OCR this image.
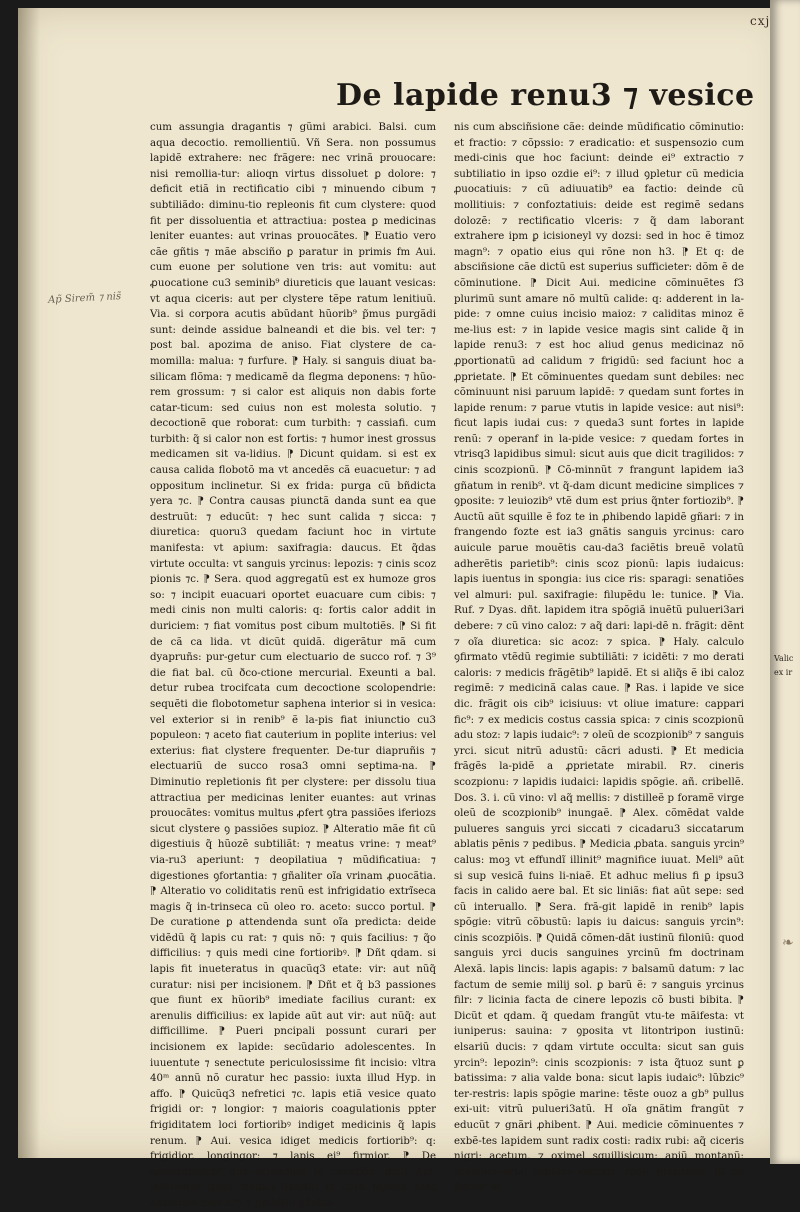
cxj
De lapide renu3 ⁊ vesice
Ap̃ Sirem̃ ⁊ nis̃

cum assungia dragantis ⁊ gũmi arabici. Balsi. cum aqua decoctio. remollientiũ. Vñ Sera. non possumus lapidẽ extrahere: nec frãgere: nec vrinã prouocare: nisi remollia-tur: alioqn virtus dissoluet ꝑ dolore: ⁊ deficit etiã in rectificatio cibi ⁊ minuendo cibum ⁊ subtiliãdo: diminu-tio repleonis fit cum clystere: quod fit per dissoluentia et attractiua: postea ꝑ medicinas leniter euantes: aut vrinas prouocãtes. ⁋ Euatio vero cãe gñtis ⁊ mãe absciño ꝑ paratur in primis fm Aui. cum euone per solutione ven tris: aut vomitu: aut ꝓuocatione cu3 seminib⁹ diureticis que lauant vesicas: vt aqua ciceris: aut per clystere tẽpe ratum lenitiuũ. Via. si corpora acutis abũdant hũorib⁹ p̃mus purgãdi sunt: deinde assidue balneandi et die bis. vel ter: ⁊ post bal. apozima de aniso. Fiat clystere de ca-momilla: malua: ⁊ furfure. ⁋ Haly. si sanguis diuat ba-silicam flõma: ⁊ medicamẽ da flegma deponens: ⁊ hũo-rem grossum: ⁊ si calor est aliquis non dabis forte catar-ticum: sed cuius non est molesta solutio. ⁊ decoctionẽ que roborat: cum turbith: ⁊ cassiafi. cum turbith: q̃ si calor non est fortis: ⁊ humor inest grossus medicamen sit va-lidius. ⁋ Dicunt quidam. si est ex causa calida flobotõ ma vt ancedẽs cã euacuetur: ⁊ ad oppositum inclinetur. Si ex frida: purga cũ bñdicta yera ⁊c. ⁋ Contra causas piunctã danda sunt ea que destruũt: ⁊ educũt: ⁊ hec sunt calida ⁊ sicca: ⁊ diuretica: quoru3 quedam faciunt hoc in virtute manifesta: vt apium: saxifragia: daucus. Et q̃das virtute occulta: vt sanguis yrcinus: lepozis: ⁊ cinis scoz pionis ⁊c. ⁋ Sera. quod aggregatũ est ex humoze gros so: ⁊ incipit euacuari oportet euacuare cum cibis: ⁊ medi cinis non multi caloris: q: fortis calor addit in duriciem: ⁊ fiat vomitus post cibum multotiẽs. ⁋ Si fit de cã ca lida. vt dicũt quidã. digerãtur mã cum dyapruñs: pur-getur cum electuario de succo rof. ⁊ 3⁹ die fiat bal. cũ ðco-ctione mercurial. Exeunti a bal. detur rubea trocifcata cum decoctione scolopendrie: sequẽti die flobotometur saphena interior si in vesica: vel exterior si in renib⁹ ẽ la-pis fiat iniunctio cu3 populeon: ⁊ aceto fiat cauterium in poplite interius: vel exterius: fiat clystere frequenter. De-tur diapruñis ⁊ electuariũ de succo rosa3 omni septima-na. ⁋ Diminutio repletionis fit per clystere: per dissolu tiua attractiua per medicinas leniter euantes: aut vrinas prouocãtes: vomitus multus ꝓfert ꝯtra passiões iferiozs sicut clystere ꝯ passiões supioz. ⁋ Alteratio mãe fit cũ digestiuis q̃ hũozẽ subtiliãt: ⁊ meatus vrine: ⁊ meat⁹ via-ru3 aperiunt: ⁊ deopilatiua ⁊ mũdificatiua: ⁊ digestiones ꝯfortantia: ⁊ gñaliter oĩa vrinam ꝓuocãtia. ⁋ Alteratio vo coliditatis renũ est infrigidatio extrĩseca magis q̃ in-trinseca cũ oleo ro. aceto: succo portul. ⁋ De curatione ꝑ attendenda sunt oĩa predicta: deide vidẽdũ q̃ lapis cu rat: ⁊ quis nõ: ⁊ quis facilius: ⁊ q̃o difficilius: ⁊ quis medi cine fortioribꝰ. ⁋ Dñt qdam. si lapis fit inueteratus in quacũq3 etate: vir: aut nũq̃ curatur: nisi per incisionem. ⁋ Dñt et q̃ b3 passiones que fiunt ex hũorib⁹ imediate facilius curant: ex arenulis difficilius: ex lapide aũt aut vir: aut nũq̃: aut difficillime. ⁋ Pueri pncipali possunt curari per incisionem ex lapide: secũdario adolescentes. In iuuentute ⁊ senectute periculosissime fit incisio: vltra 40ᵐ annũ nõ curatur hec passio: iuxta illud Hyp. in affo. ⁋ Quicũq3 nefretici ⁊c. lapis etiã vesice quato frigidi or: ⁊ longior: ⁊ maioris coagulationis ppter frigiditatem loci fortioribꝰ indiget medicinis q̃ lapis renum. ⁋ Aui. vesica idiget medicis fortiorib⁹: q: frigidior. longingor: ⁊ lapis ei⁹ firmior. ⁋ De ꝯsiderationib⁹ que attendunt in curatiõe. dicit Aui. intẽtiones quas medici itendũt in cura lapidis sunt abstersio mãe ei⁹: ⁊ ꝓhibitio gñatio-

nis cum absciñsione cãe: deinde mũdificatio cõminutio: et fractio: ⁊ cõpssio: ⁊ eradicatio: et suspensozio cum medi-cinis que hoc faciunt: deinde ei⁹ extractio ⁊ subtiliatio in ipso ozdie ei⁹: ⁊ illud ꝯpletur cũ medicia ꝓuocatiuis: ⁊ cũ adiuuatib⁹ ea factio: deinde cũ mollitiuis: ⁊ confoztatiuis: deide est regimẽ sedans dolozẽ: ⁊ rectificatio vlceris: ⁊ q̃ dam laborant extrahere ipm ꝑ icisioneyl vy dozsi: sed in hoc ẽ timoz magn⁹: ⁊ opatio eius qui rõne non h3. ⁋ Et q: de absciñsione cãe dictũ est superius sufficieter: dõm ẽ de cõminutione. ⁋ Dicit Aui. medicine cõminuẽtes f3 plurimũ sunt amare nõ multũ calide: q: adderent in la-pide: ⁊ omne cuius incisio maioz: ⁊ caliditas minoz ẽ me-lius est: ⁊ in lapide vesice magis sint calide q̃ in lapide renu3: ⁊ est hoc aliud genus medicinaz nõ ꝓportionatũ ad calidum ⁊ frigidũ: sed faciunt hoc a ꝓprietate. ⁋ Et cõminuentes quedam sunt debiles: nec cõminuunt nisi paruum lapidẽ: ⁊ quedam sunt fortes in lapide renum: ⁊ parue vtutis in lapide vesice: aut nisi⁹: ficut lapis iudai cus: ⁊ queda3 sunt fortes in lapide renũ: ⁊ operanf in la-pide vesice: ⁊ quedam fortes in vtrisq3 lapidibus simul: sicut auis que dicit tragilidos: ⁊ cinis scozpionũ. ⁋ Cõ-minnũt ⁊ frangunt lapidem ia3 gñatum in renib⁹. vt q̃-dam dicunt medicine simplices ⁊ ꝯposite: ⁊ leuiozib⁹ vtẽ dum est prius q̃nter fortiozib⁹. ⁋ Auctũ aũt squille ẽ foz te in ꝓhibendo lapidẽ gñari: ⁊ in frangendo fozte est ia3 gnãtis sanguis yrcinus: caro auicule parue mouẽtis cau-da3 faciẽtis breuẽ volatũ adherẽtis parietib⁹: cinis scoz pionũ: lapis iudaicus: lapis iuentus in spongia: ius cice ris: sparagi: senatiões vel almuri: pul. saxifragie: filupẽdu le: tunice. ⁋ Via. Ruf. ⁊ Dyas. dñt. lapidem itra spõgiã inuẽtũ pulueri3ari debere: ⁊ cũ vino caloz: ⁊ aq̃ dari: lapi-dẽ n. frãgit: dẽnt ⁊ oĩa diuretica: sic acoz: ⁊ spica. ⁋ Haly. calculo ꝯfirmato vtẽdũ regimie subtiliãti: ⁊ icidẽti: ⁊ mo derati caloris: ⁊ medicis frãgẽtib⁹ lapidẽ. Et si aliq̃s ẽ ibi caloz regimẽ: ⁊ medicinã calas caue. ⁋ Ras. i lapide ve sice dic. frãgit ois cib⁹ icisiuus: vt oliue imature: cappari fic⁹: ⁊ ex medicis costus cassia spica: ⁊ cinis scozpionũ adu stoz: ⁊ lapis iudaic⁹: ⁊ oleũ de scozpionib⁹ ⁊ sanguis yrci. sicut nitrũ adustũ: cãcri adusti. ⁋ Et medicia frãgẽs la-pidẽ a ꝓprietate mirabil. R⁊. cineris scozpionu: ⁊ lapidis iudaici: lapidis spõgie. añ. cribellẽ. Dos. 3. i. cũ vino: vl aq̃ mellis: ⁊ distilleẽ p foramẽ virge oleũ de scozpionib⁹ inungaẽ. ⁋ Alex. cõmẽdat valde pulueres sanguis yrci siccati ⁊ cicadaru3 siccatarum ablatis pẽnis ⁊ pedibus. ⁋ Medicia ꝓbata. sanguis yrcin⁹ calus: moꝫ vt effundĩ illinit⁹ magnifice iuuat. Meli⁹ aũt si sup vesicã fuins li-niaẽ. Et adhuc melius fi ꝑ ipsu3 facis in calido aere bal. Et sic liniãs: fiat aũt sepe: sed cũ interuallo. ⁋ Sera. frã-git lapidẽ in renib⁹ lapis spõgie: vitrũ cõbustũ: lapis iu daicus: sanguis yrcin⁹: cinis scozpiõis. ⁋ Quidã cõmen-dãt iustinũ filoniũ: quod sanguis yrci ducis sanguines yrcinũ fm doctrinam Alexã. lapis lincis: lapis agapis: ⁊ balsamũ datum: ⁊ lac factum de semie milij sol. ꝑ barũ ẽ: ⁊ sanguis yrcinus filr: ⁊ licinia facta de cinere lepozis cõ busti bibita. ⁋ Dicũt et qdam. q̃ quedam frangũt vtu-te mãifesta: vt iuniperus: sauina: ⁊ ꝯposita vt litontripon iustinũ: elsariũ ducis: ⁊ qdam virtute occulta: sicut san guis yrcin⁹: lepozin⁹: cinis scozpionis: ⁊ ista q̃tuoz sunt ꝑ batissima: ⁊ alia valde bona: sicut lapis iudaic⁹: lũbzic⁹ ter-restris: lapis spõgie marine: tẽste ouoz a gb⁹ pullus exi-uit: vitrũ pulueri3atũ. H oĩa gnãtim frangũt ⁊ educũt ⁊ gnãri ꝓhibent. ⁋ Aui. medicie cõminuentes ⁊ exbẽ-tes lapidem sunt radix costi: radix rubi: aq̃ ciceris nigri: acetum. ⁊ oximel squillisicum: apiũ montanũ: scolopen-dria. capillus veneris: radix ꝑtaphilon. Et de fortib⁹ in

Valic ex ir
❧
